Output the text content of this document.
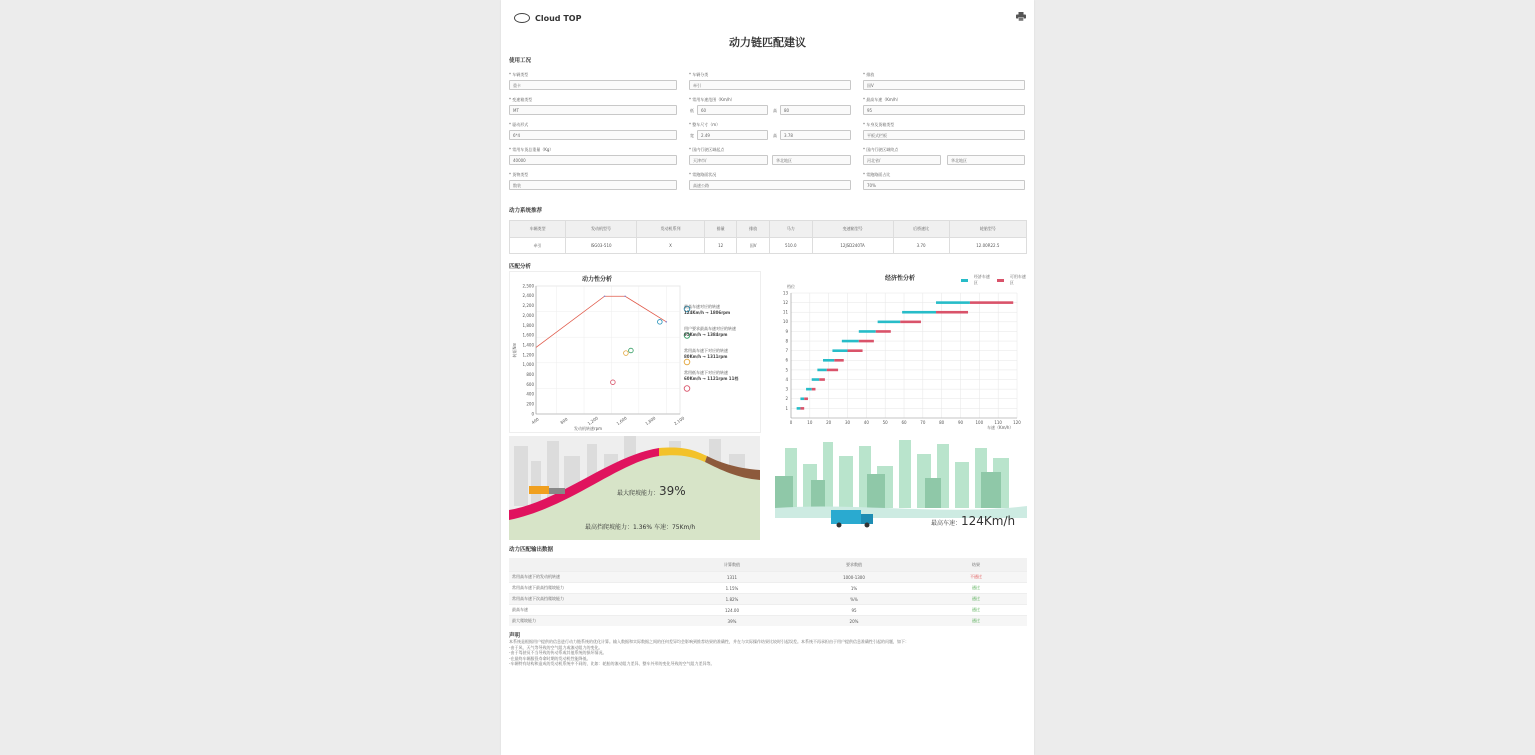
Cloud TOP
动力链匹配建议
使用工况
* 车辆类型
重卡
* 车辆分类
牵引
* 排放
国V
* 变速箱类型
MT
* 常用车速范围（Km/h）
低	60	高	80
* 最高车速（Km/h）
95
* 驱动形式
6*4
* 整车尺寸（m）
宽	2.49	高	3.78
* 车身及货箱类型
平板式栏板
* 常用车货总重量（Kg）
40000
* 国内行驶区域起点
天津市/	华北地区
* 国内行驶区域终点
河北省/	华北地区
* 货物类型
散装
* 常跑路面状况
高速公路
* 常跑路面占比
70%
动力系统推荐
车辆类型	发动机型号	发动机系列	排量	排放	马力	变速箱型号	后桥速比	轮胎型号
牵引	ISG03-510	X	12	国V	510.0	12JSD240TA	3.70	12.00R22.5
匹配分析
动力性分析
2,500
2,400
2,200
2,000
1,800
1,600
1,400
1,200
1,000
800
600
400
200
0
400	800	1,200	1,600	1,800	2,100
转矩Nm
发动机转速rpm
最高车速对应的转速
124Km/h → 1806rpm
用户要求最高车速对应的转速
95Km/h → 1384rpm
常用高车速下对应的转速
80Km/h → 1311rpm
常用低车速下对应的转速
60Km/h → 1121rpm 11档
经济性分析	经济车速区
可用车速区
1
2
3
4
5
6
7
8
9
10
11
12
13
0	10	20	30	40	50	60	70	80	90	100	110	120
档位
车速（Km/h）
最大爬坡能力： 39%
最高挡爬坡能力：1.36% 车速：75Km/h
最高车速： 124Km/h
动力匹配输出数据
	计算数值	要求数值	结果
常用高车速下的发动机转速	1311	1000-1300	不通过
常用高车速下最高挡爬坡能力	1.15%	1%	通过
常用高车速下次高挡爬坡能力	1.82%	%%	通过
最高车速	124.00	95	通过
最大爬坡能力	39%	20%	通过
声明
本系统是根据用户提供的信息进行动力链系统的优化计算。输入数据和实际数据之间的任何差异均会影响到推荐结果的准确性，并在与实际操作结果比较时引起误差。本系统不再承担由于用户提供信息准确性引起的问题，如下：
-由于风、天气等导致的空气阻力或滚动阻力的变化。
-由于驾驶员不当导致的传动系或其他系统的损坏情况。
-在最终车辆服役寿命时期的发动机性能降低。
-车辆特有结构和造成的发动机系统中不同的，比如：轮胎的滚动阻力差异、整车外形的变化导致的空气阻力差异等。
